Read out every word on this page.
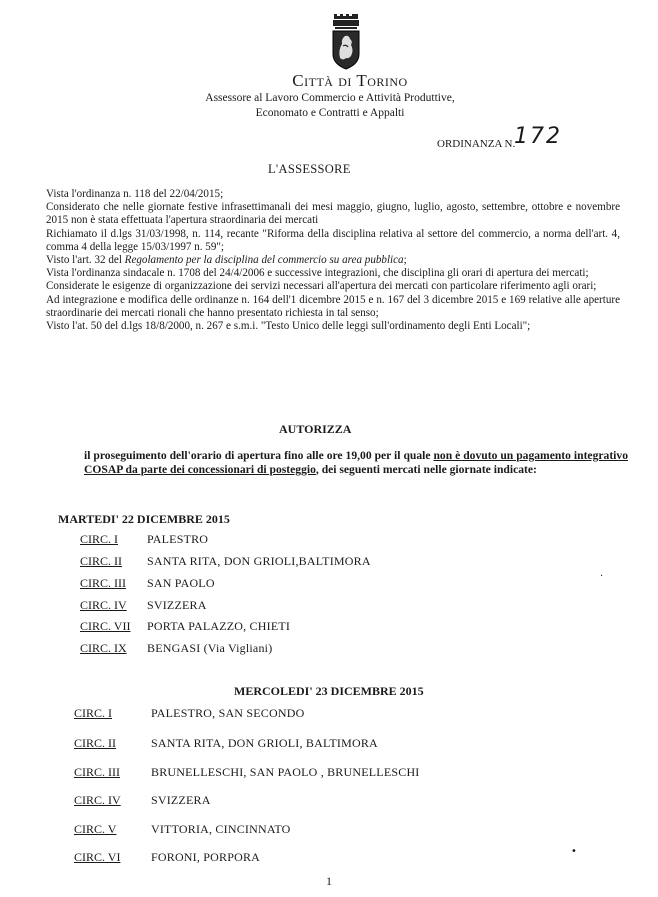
Città di Torino
Assessore al Lavoro Commercio e Attività Produttive,
Economato e Contratti e Appalti
ORDINANZA N.
172
L'ASSESSORE

Vista l'ordinanza n. 118 del 22/04/2015;

Considerato che nelle giornate festive infrasettimanali dei mesi maggio, giugno, luglio, agosto, settembre, ottobre e novembre 2015 non è stata effettuata l'apertura straordinaria dei mercati

Richiamato il d.lgs 31/03/1998, n. 114, recante "Riforma della disciplina relativa al settore del commercio, a norma dell'art. 4, comma 4 della legge 15/03/1997 n. 59";

Visto l'art. 32 del Regolamento per la disciplina del commercio su area pubblica;

Vista l'ordinanza sindacale n. 1708 del 24/4/2006 e successive integrazioni, che disciplina gli orari di apertura dei mercati;

Considerate le esigenze di organizzazione dei servizi necessari all'apertura dei mercati con particolare riferimento agli orari;

Ad integrazione e modifica delle ordinanze n. 164 dell'1 dicembre 2015 e n. 167 del 3 dicembre 2015 e 169 relative alle aperture straordinarie dei mercati rionali che hanno presentato richiesta in tal senso;

Visto l'at. 50 del d.lgs 18/8/2000, n. 267 e s.m.i. "Testo Unico delle leggi sull'ordinamento degli Enti Locali";

AUTORIZZA
il proseguimento dell'orario di apertura fino alle ore 19,00 per il quale non è dovuto un pagamento integrativo COSAP da parte dei concessionari di posteggio, dei seguenti mercati nelle giornate indicate:
MARTEDI' 22 DICEMBRE 2015
CIRC. I PALESTRO
CIRC. II SANTA RITA, DON GRIOLI,BALTIMORA
CIRC. III SAN PAOLO
CIRC. IV SVIZZERA
CIRC. VII PORTA PALAZZO, CHIETI
CIRC. IX BENGASI (Via Vigliani)
MERCOLEDI' 23 DICEMBRE 2015
CIRC. I	PALESTRO, SAN SECONDO
CIRC. II	SANTA RITA, DON GRIOLI, BALTIMORA
CIRC. III	BRUNELLESCHI, SAN PAOLO , BRUNELLESCHI
CIRC. IV	SVIZZERA
CIRC. V	VITTORIA, CINCINNATO
CIRC. VI	FORONI, PORPORA
·
•
1
